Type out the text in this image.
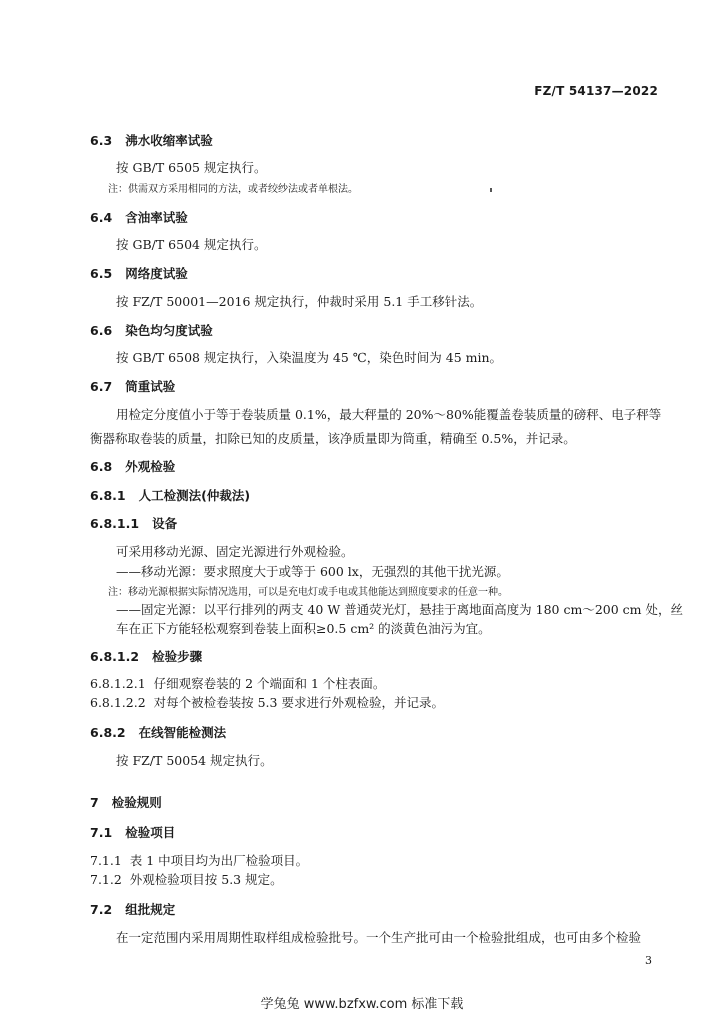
FZ/T 54137—2022
6.3 沸水收缩率试验
按 GB/T 6505 规定执行。
注：供需双方采用相同的方法，或者绞纱法或者单根法。
6.4 含油率试验
按 GB/T 6504 规定执行。
6.5 网络度试验
按 FZ/T 50001—2016 规定执行，仲裁时采用 5.1 手工移针法。
6.6 染色均匀度试验
按 GB/T 6508 规定执行，入染温度为 45 ℃，染色时间为 45 min。
6.7 筒重试验
用检定分度值小于等于卷装质量 0.1%，最大秤量的 20%～80%能覆盖卷装质量的磅秤、电子秤等
衡器称取卷装的质量，扣除已知的皮质量，该净质量即为筒重，精确至 0.5%，并记录。
6.8 外观检验
6.8.1 人工检测法(仲裁法)
6.8.1.1 设备
可采用移动光源、固定光源进行外观检验。
——移动光源：要求照度大于或等于 600 lx，无强烈的其他干扰光源。
注：移动光源根据实际情况选用，可以是充电灯或手电或其他能达到照度要求的任意一种。
——固定光源：以平行排列的两支 40 W 普通荧光灯，悬挂于离地面高度为 180 cm～200 cm 处，丝
车在正下方能轻松观察到卷装上面积≥0.5 cm² 的淡黄色油污为宜。
6.8.1.2 检验步骤
6.8.1.2.1 仔细观察卷装的 2 个端面和 1 个柱表面。
6.8.1.2.2 对每个被检卷装按 5.3 要求进行外观检验，并记录。
6.8.2 在线智能检测法
按 FZ/T 50054 规定执行。
7 检验规则
7.1 检验项目
7.1.1 表 1 中项目均为出厂检验项目。
7.1.2 外观检验项目按 5.3 规定。
7.2 组批规定
在一定范围内采用周期性取样组成检验批号。一个生产批可由一个检验批组成，也可由多个检验
3
学兔兔 www.bzfxw.com 标准下载
